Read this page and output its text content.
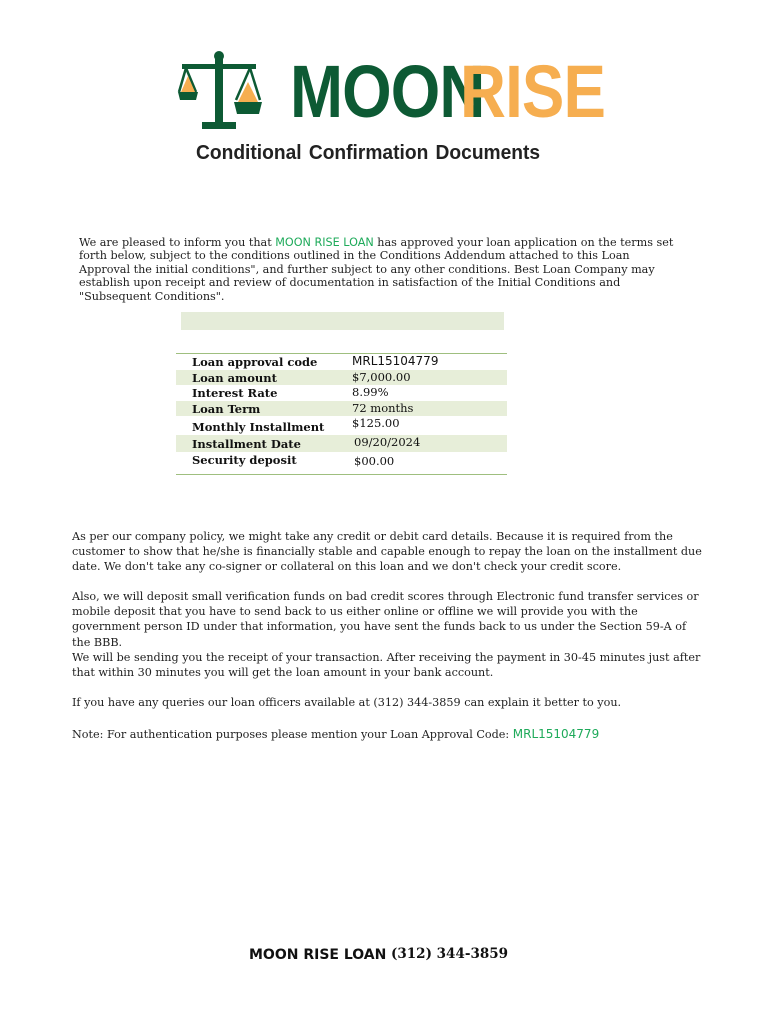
MOON
RISE
Conditional Confirmation Documents
We are pleased to inform you that MOON RISE LOAN has approved your loan application on the terms set forth below, subject to the conditions outlined in the Conditions Addendum attached to this Loan Approval the initial conditions", and further subject to any other conditions. Best Loan Company may establish upon receipt and review of documentation in satisfaction of the Initial Conditions and "Subsequent Conditions".
Loan approval code	MRL15104779
Loan amount	$7,000.00
Interest Rate	8.99%
Loan Term	72 months
Monthly Installment $125.00
Installment Date	09/20/2024
Security deposit	$00.00
As per our company policy, we might take any credit or debit card details. Because it is required from the customer to show that he/she is financially stable and capable enough to repay the loan on the installment due date. We don't take any co-signer or collateral on this loan and we don't check your credit score.
Also, we will deposit small verification funds on bad credit scores through Electronic fund transfer services or mobile deposit that you have to send back to us either online or offline we will provide you with the government person ID under that information, you have sent the funds back to us under the Section 59-A of the BBB.
We will be sending you the receipt of your transaction. After receiving the payment in 30-45 minutes just after that within 30 minutes you will get the loan amount in your bank account.
If you have any queries our loan officers available at (312) 344-3859 can explain it better to you.
Note: For authentication purposes please mention your Loan Approval Code: MRL15104779
MOON RISE LOAN (312) 344-3859
